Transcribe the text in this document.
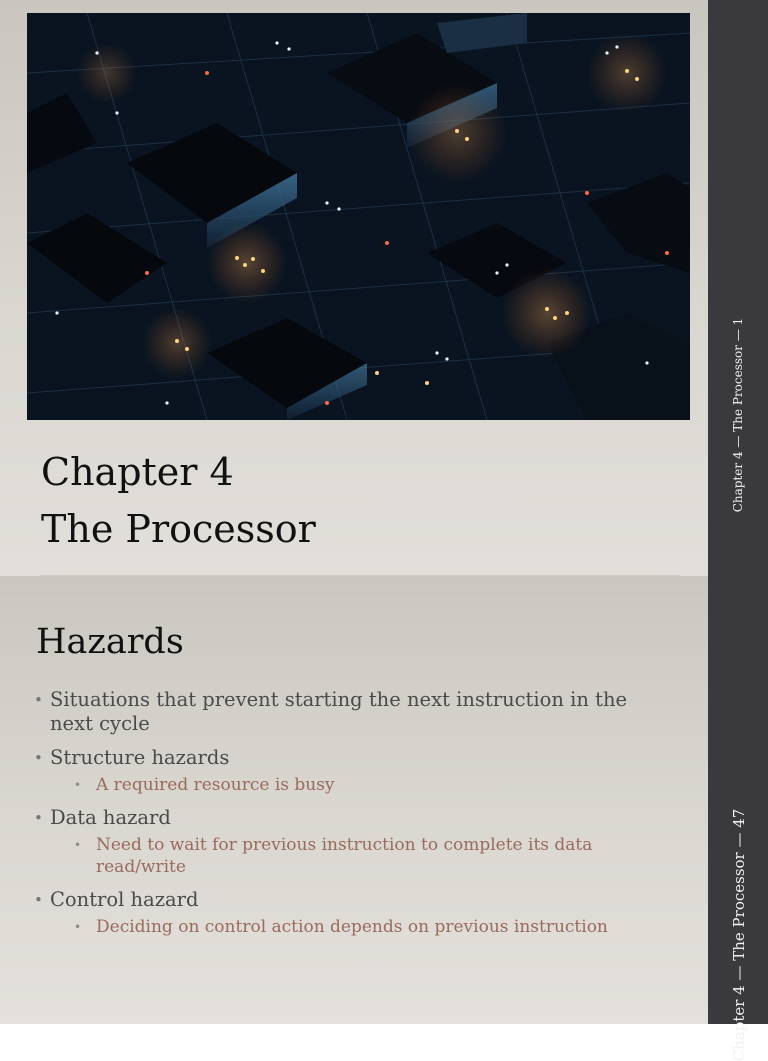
Chapter 4
The Processor
Hazards
• Situations that prevent starting the next instruction in the next cycle
• Structure hazards
• A required resource is busy
• Data hazard
• Need to wait for previous instruction to complete its data read/write
• Control hazard
• Deciding on control action depends on previous instruction
Chapter 4 — The Processor — 1
Chapter 4 — The Processor — 47
